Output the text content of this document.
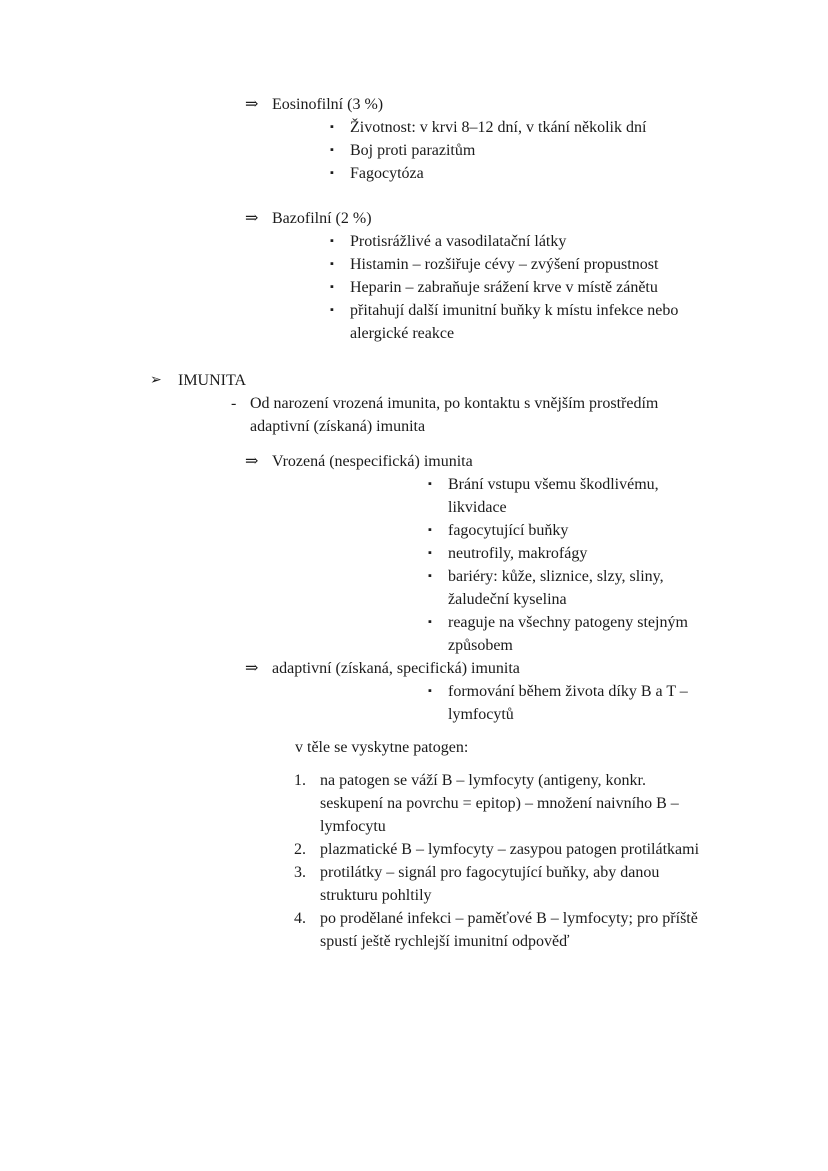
⇒ Eosinofilní (3 %)
▪	Životnost: v krvi 8–12 dní, v tkání několik dní
▪	Boj proti parazitům
▪	Fagocytóza
⇒ Bazofilní (2 %)
▪	Protisrážlivé a vasodilatační látky
▪	Histamin – rozšiřuje cévy – zvýšení propustnost
▪	Heparin – zabraňuje srážení krve v místě zánětu
▪	přitahují další imunitní buňky k místu infekce nebo alergické reakce
➢	IMUNITA
- Od narození vrozená imunita, po kontaktu s vnějším prostředím adaptivní (získaná) imunita
⇒ Vrozená (nespecifická) imunita
▪	Brání vstupu všemu škodlivému, likvidace
▪	fagocytující buňky
▪	neutrofily, makrofágy
▪	bariéry: kůže, sliznice, slzy, sliny, žaludeční kyselina
▪	reaguje na všechny patogeny stejným způsobem
⇒ adaptivní (získaná, specifická) imunita
▪	formování během života díky B a T – lymfocytů
v těle se vyskytne patogen:
1. na patogen se váží B – lymfocyty (antigeny, konkr. seskupení na povrchu = epitop) – množení naivního B – lymfocytu
2. plazmatické B – lymfocyty – zasypou patogen protilátkami
3. protilátky – signál pro fagocytující buňky, aby danou strukturu pohltily
4. po prodělané infekci – paměťové B – lymfocyty; pro příště spustí ještě rychlejší imunitní odpověď
